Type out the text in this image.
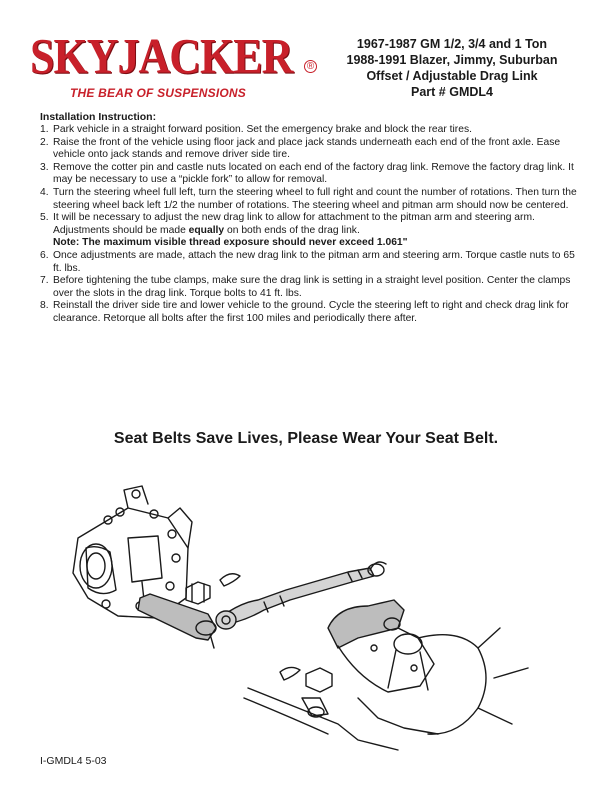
SKYJACKER ®
THE BEAR OF SUSPENSIONS
1967-1987 GM 1/2, 3/4 and 1 Ton
1988-1991 Blazer, Jimmy, Suburban
Offset / Adjustable Drag Link
Part # GMDL4
Installation Instruction:
1. Park vehicle in a straight forward position. Set the emergency brake and block the rear tires.
2. Raise the front of the vehicle using floor jack and place jack stands underneath each end of the front axle. Ease vehicle onto jack stands and remove driver side tire.
3. Remove the cotter pin and castle nuts located on each end of the factory drag link. Remove the factory drag link. It may be necessary to use a “pickle fork” to allow for removal.
4. Turn the steering wheel full left, turn the steering wheel to full right and count the number of rotations. Then turn the steering wheel back left 1/2 the number of rotations. The steering wheel and pitman arm should now be centered.
5. It will be necessary to adjust the new drag link to allow for attachment to the pitman arm and steering arm. Adjustments should be made equally on both ends of the drag link.
Note: The maximum visible thread exposure should never exceed 1.061"
6. Once adjustments are made, attach the new drag link to the pitman arm and steering arm. Torque castle nuts to 65 ft. lbs.
7. Before tightening the tube clamps, make sure the drag link is setting in a straight level position. Center the clamps over the slots in the drag link. Torque bolts to 41 ft. lbs.
8. Reinstall the driver side tire and lower vehicle to the ground. Cycle the steering left to right and check drag link for clearance. Retorque all bolts after the first 100 miles and periodically there after.
Seat Belts Save Lives, Please Wear Your Seat Belt.
I-GMDL4 5-03
